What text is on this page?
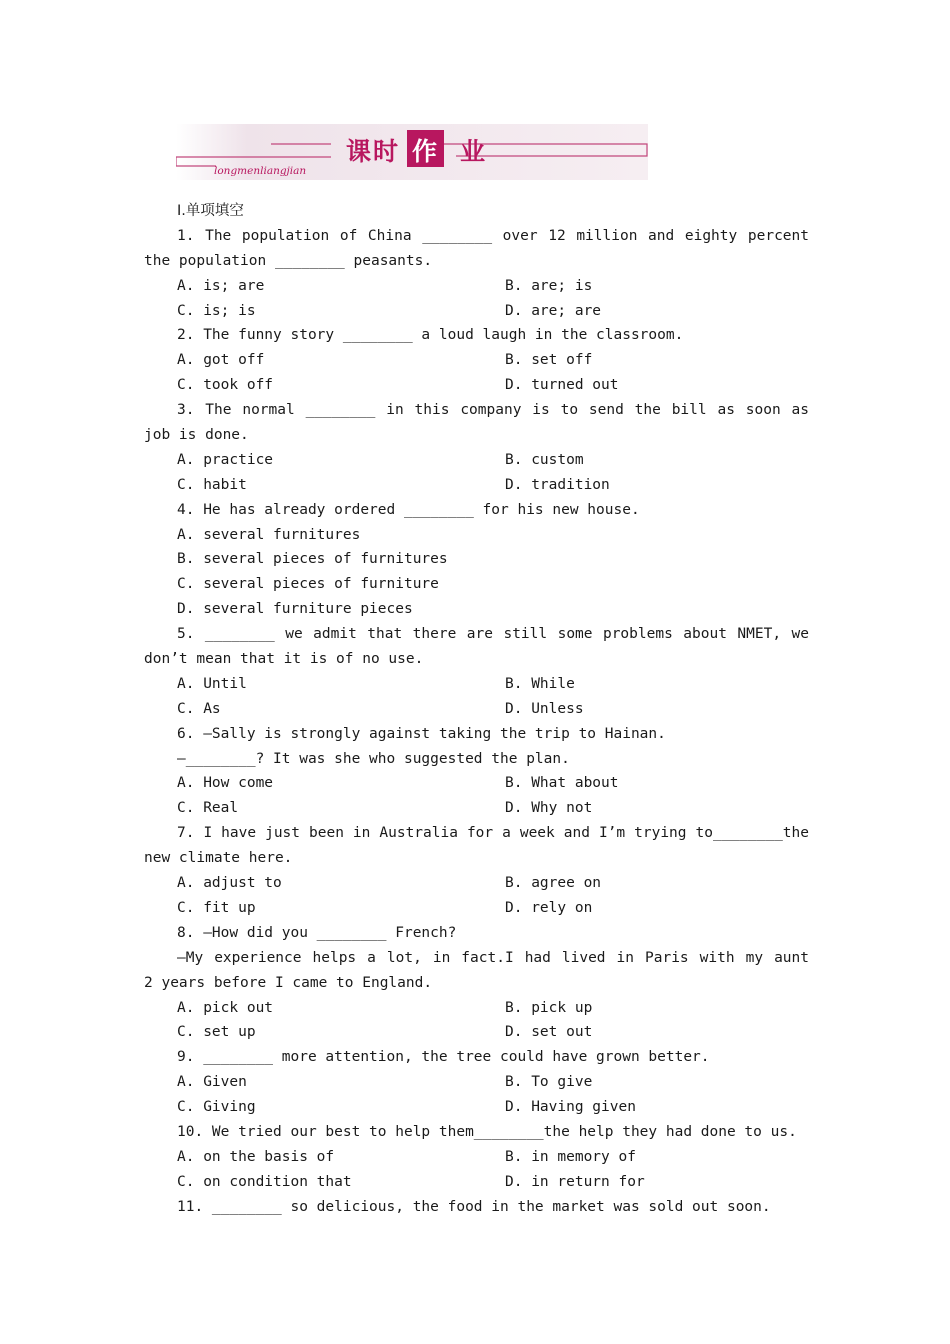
课 时 作 业
longmenliangjian
Ⅰ.单项填空
1. The population of China ________ over 12 million and eighty percent
the population ________ peasants.
A. is; are	B. are; is
C. is; is	D. are; are
2. The funny story ________ a loud laugh in the classroom.
A. got off	B. set off
C. took off	D. turned out
3. The normal ________ in this company is to send the bill as soon as
job is done.
A. practice	B. custom
C. habit	D. tradition
4. He has already ordered ________ for his new house.
A. several furnitures
B. several pieces of furnitures
C. several pieces of furniture
D. several furniture pieces
5. ________ we admit that there are still some problems about NMET, we
don’t mean that it is of no use.
A. Until	B. While
C. As	D. Unless
6. —Sally is strongly against taking the trip to Hainan.
—________? It was she who suggested the plan.
A. How come	B. What about
C. Real	D. Why not
7. I have just been in Australia for a week and I’m trying to________the
new climate here.
A. adjust to	B. agree on
C. fit up	D. rely on
8. —How did you ________ French?
—My experience helps a lot, in fact.I had lived in Paris with my aunt
2 years before I came to England.
A. pick out	B. pick up
C. set up	D. set out
9. ________ more attention, the tree could have grown better.
A. Given	B. To give
C. Giving	D. Having given
10. We tried our best to help them________the help they had done to us.
A. on the basis of	B. in memory of
C. on condition that	D. in return for
11. ________ so delicious, the food in the market was sold out soon.
